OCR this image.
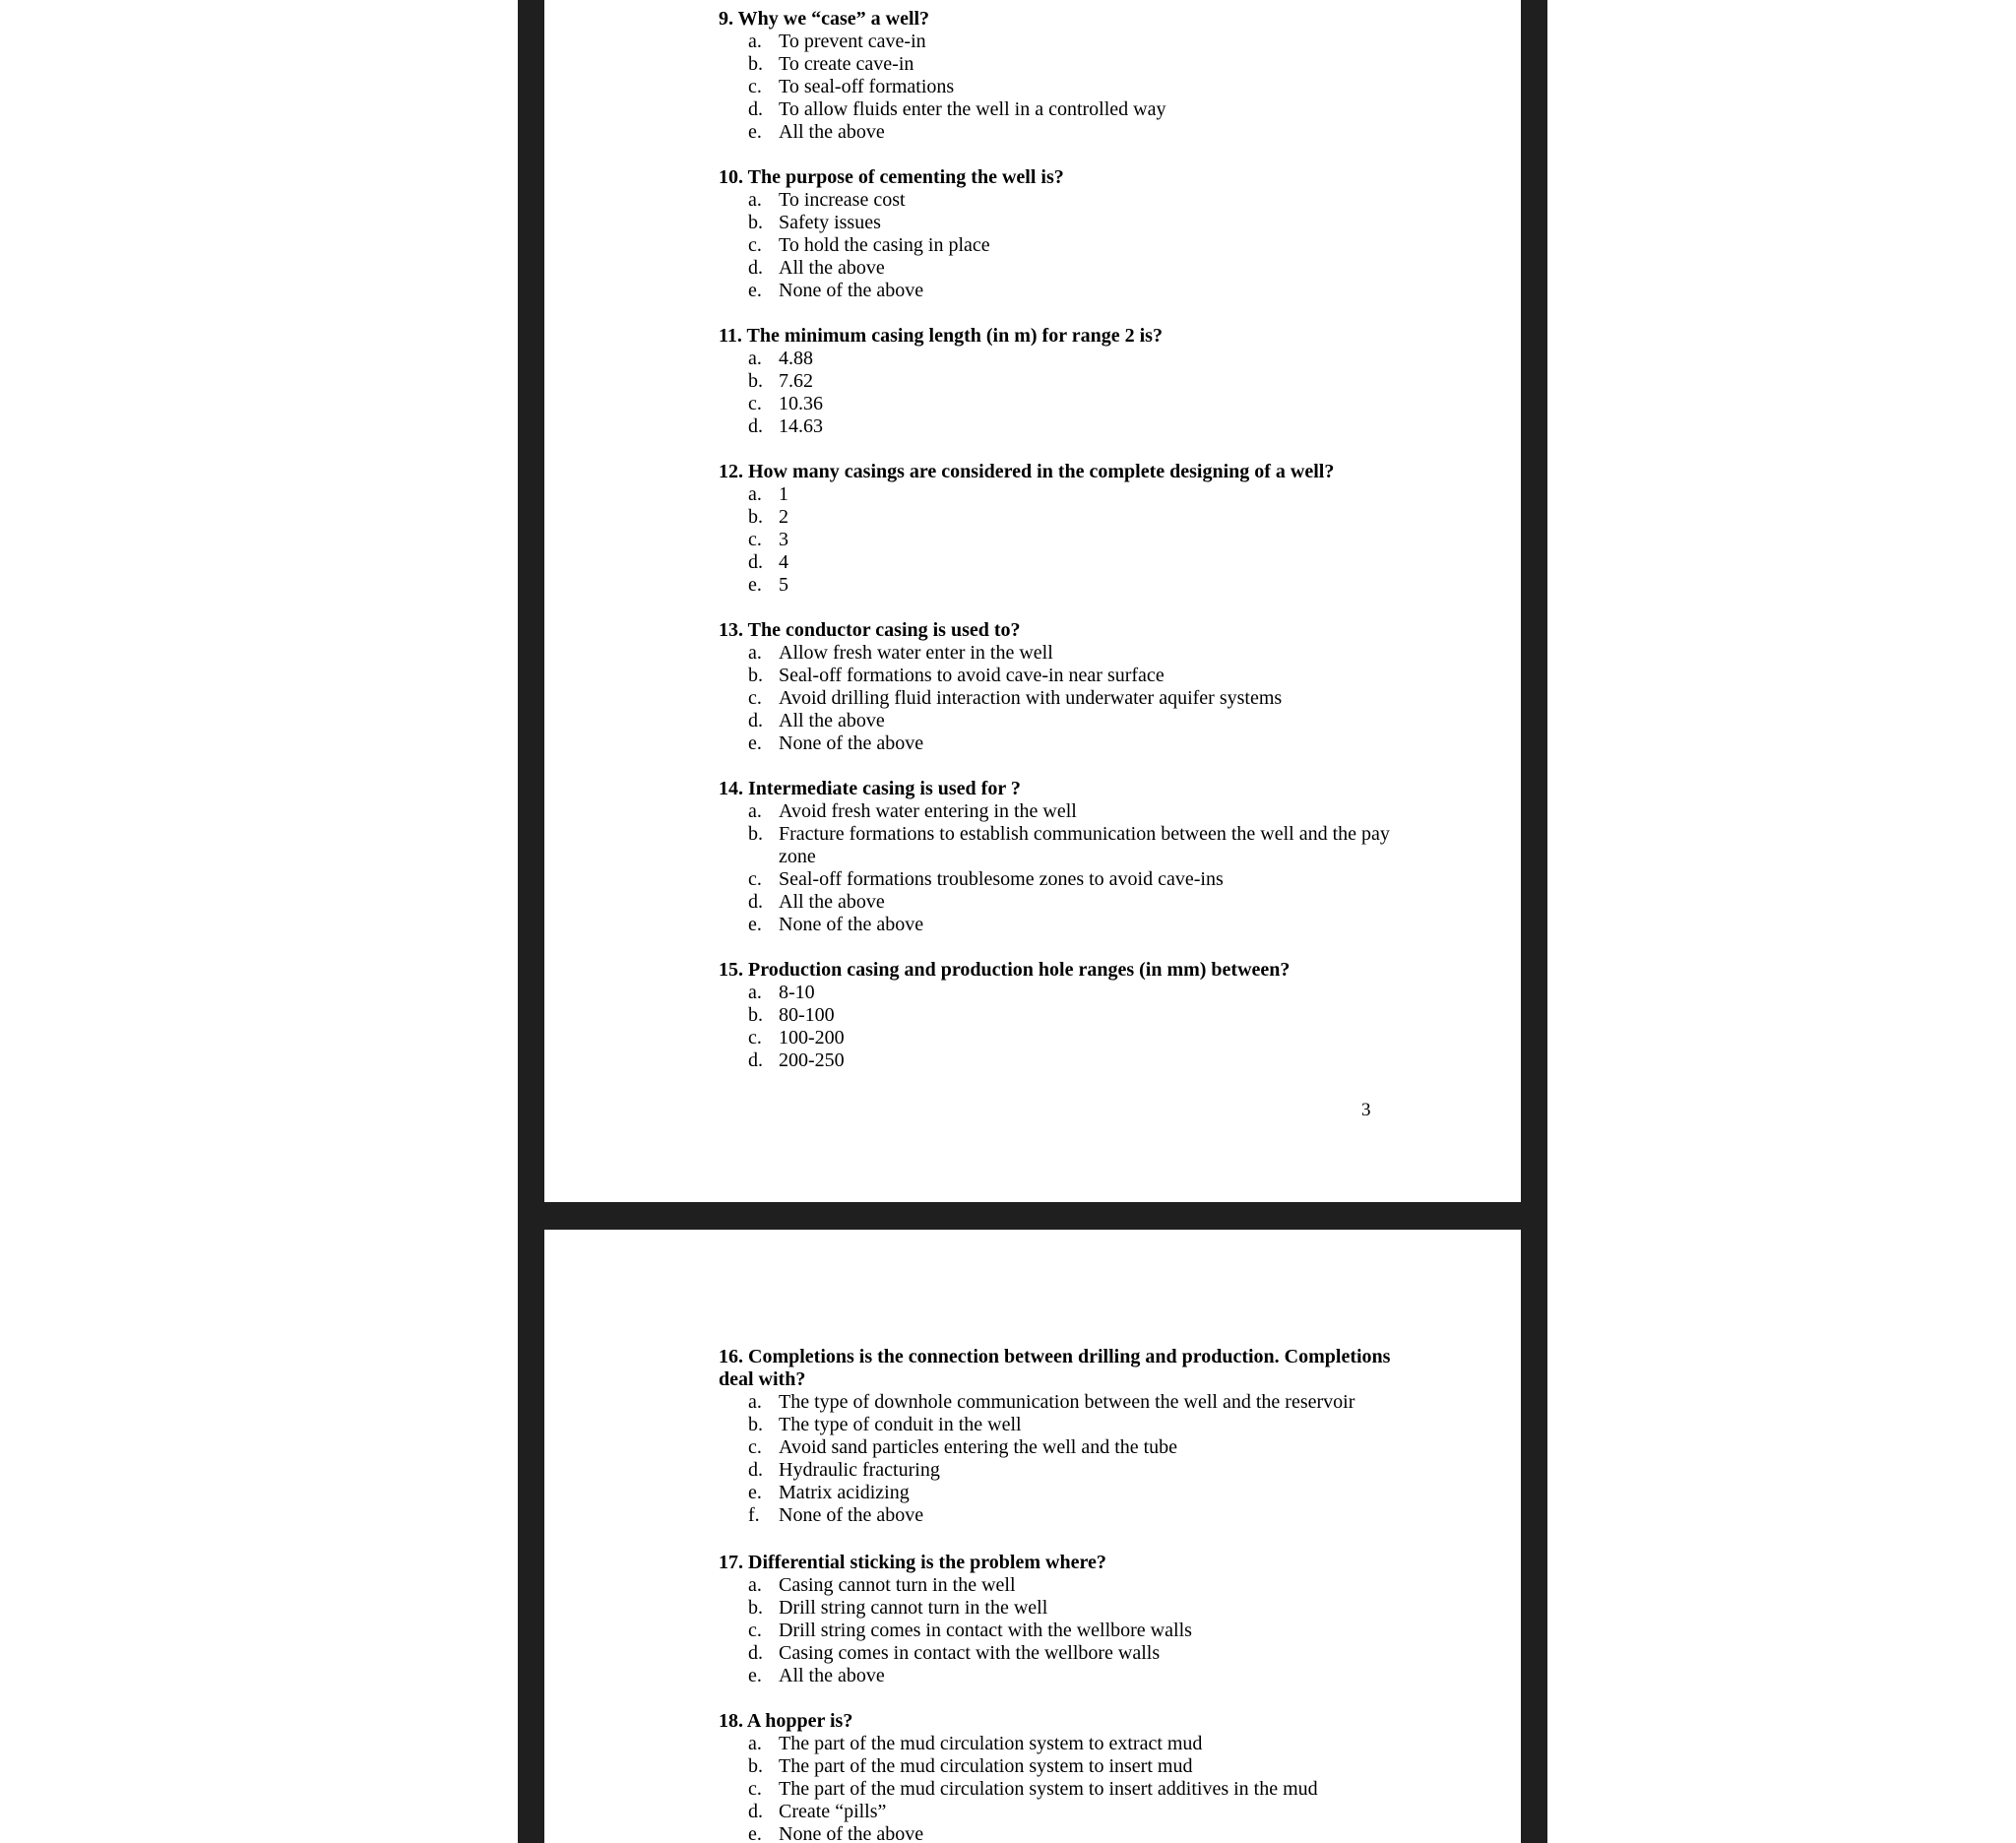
9. Why we “case” a well?

a. To prevent cave-in
b. To create cave-in
c. To seal-off formations
d. To allow fluids enter the well in a controlled way
e. All the above

10. The purpose of cementing the well is?

a. To increase cost
b. Safety issues
c. To hold the casing in place
d. All the above
e. None of the above

11. The minimum casing length (in m) for range 2 is?

a. 4.88
b. 7.62
c. 10.36
d. 14.63

12. How many casings are considered in the complete designing of a well?

a. 1
b. 2
c. 3
d. 4
e. 5

13. The conductor casing is used to?

a. Allow fresh water enter in the well
b. Seal-off formations to avoid cave-in near surface
c. Avoid drilling fluid interaction with underwater aquifer systems
d. All the above
e. None of the above

14. Intermediate casing is used for ?

a. Avoid fresh water entering in the well
b. Fracture formations to establish communication between the well and the pay zone
c. Seal-off formations troublesome zones to avoid cave-ins
d. All the above
e. None of the above

15. Production casing and production hole ranges (in mm) between?

a. 8-10
b. 80-100
c. 100-200
d. 200-250
3

16. Completions is the connection between drilling and production. Completions deal with?

a. The type of downhole communication between the well and the reservoir
b. The type of conduit in the well
c. Avoid sand particles entering the well and the tube
d. Hydraulic fracturing
e. Matrix acidizing
f. None of the above

17. Differential sticking is the problem where?

a. Casing cannot turn in the well
b. Drill string cannot turn in the well
c. Drill string comes in contact with the wellbore walls
d. Casing comes in contact with the wellbore walls
e. All the above

18. A hopper is?

a. The part of the mud circulation system to extract mud
b. The part of the mud circulation system to insert mud
c. The part of the mud circulation system to insert additives in the mud
d. Create “pills”
e. None of the above
